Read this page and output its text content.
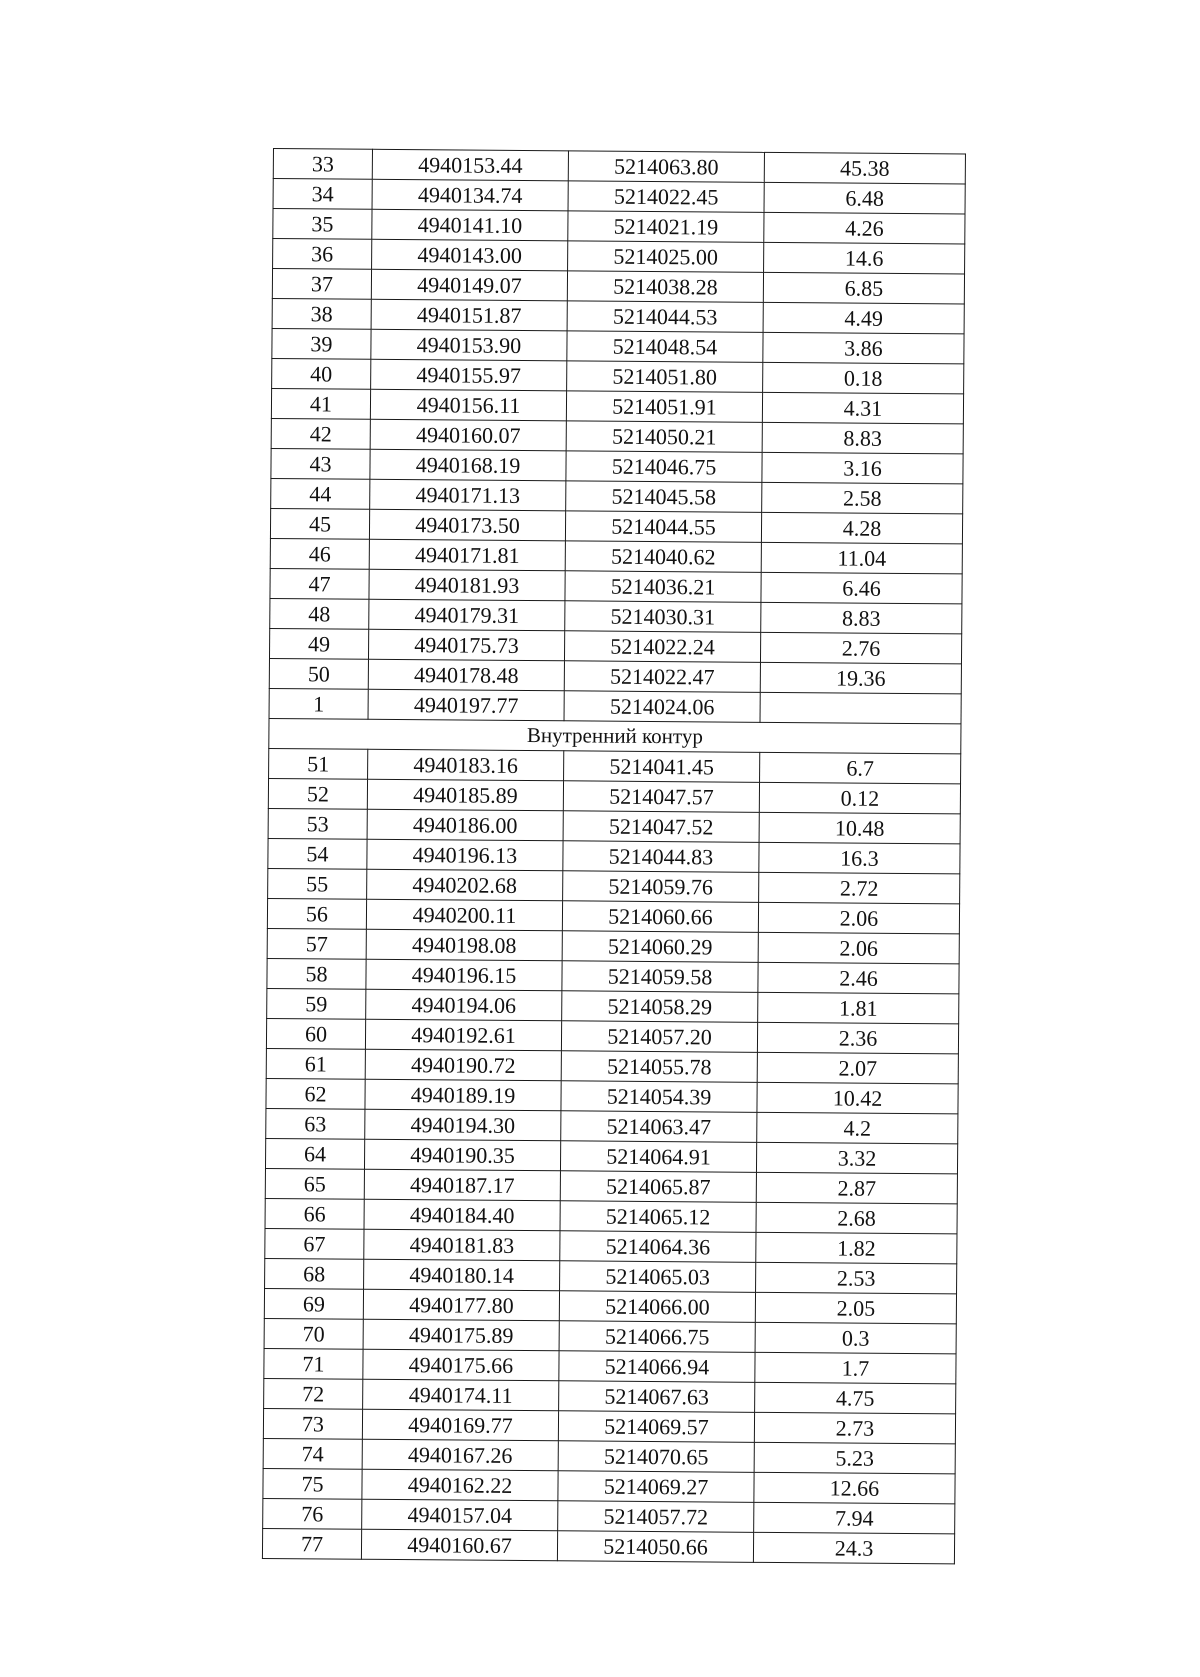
33	4940153.44	5214063.80	45.38
34	4940134.74	5214022.45	6.48
35	4940141.10	5214021.19	4.26
36	4940143.00	5214025.00	14.6
37	4940149.07	5214038.28	6.85
38	4940151.87	5214044.53	4.49
39	4940153.90	5214048.54	3.86
40	4940155.97	5214051.80	0.18
41	4940156.11	5214051.91	4.31
42	4940160.07	5214050.21	8.83
43	4940168.19	5214046.75	3.16
44	4940171.13	5214045.58	2.58
45	4940173.50	5214044.55	4.28
46	4940171.81	5214040.62	11.04
47	4940181.93	5214036.21	6.46
48	4940179.31	5214030.31	8.83
49	4940175.73	5214022.24	2.76
50	4940178.48	5214022.47	19.36
1	4940197.77	5214024.06	
Внутренний контур			
51	4940183.16	5214041.45	6.7
52	4940185.89	5214047.57	0.12
53	4940186.00	5214047.52	10.48
54	4940196.13	5214044.83	16.3
55	4940202.68	5214059.76	2.72
56	4940200.11	5214060.66	2.06
57	4940198.08	5214060.29	2.06
58	4940196.15	5214059.58	2.46
59	4940194.06	5214058.29	1.81
60	4940192.61	5214057.20	2.36
61	4940190.72	5214055.78	2.07
62	4940189.19	5214054.39	10.42
63	4940194.30	5214063.47	4.2
64	4940190.35	5214064.91	3.32
65	4940187.17	5214065.87	2.87
66	4940184.40	5214065.12	2.68
67	4940181.83	5214064.36	1.82
68	4940180.14	5214065.03	2.53
69	4940177.80	5214066.00	2.05
70	4940175.89	5214066.75	0.3
71	4940175.66	5214066.94	1.7
72	4940174.11	5214067.63	4.75
73	4940169.77	5214069.57	2.73
74	4940167.26	5214070.65	5.23
75	4940162.22	5214069.27	12.66
76	4940157.04	5214057.72	7.94
77	4940160.67	5214050.66	24.3
